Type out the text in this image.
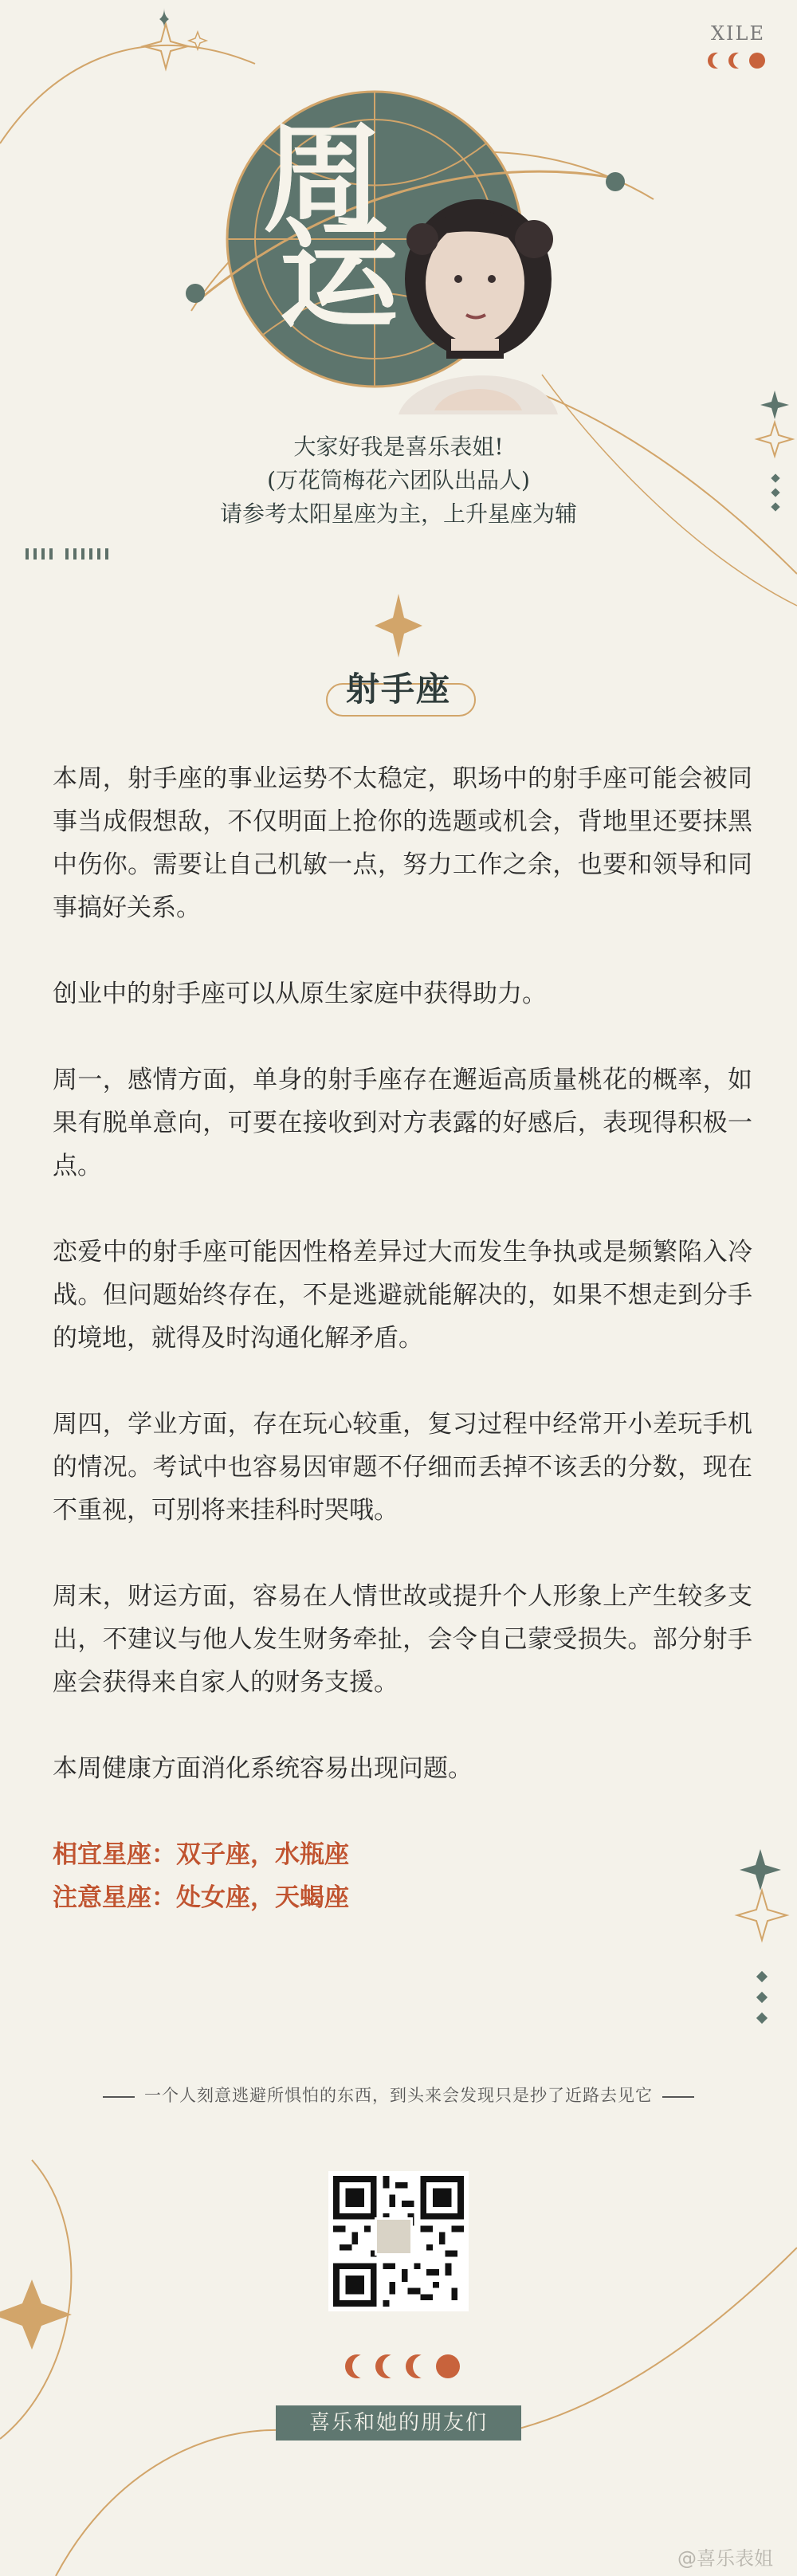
XILE
周
运
大家好我是喜乐表姐!
(万花筒梅花六团队出品人)
请参考太阳星座为主，上升星座为辅
射手座

本周，射手座的事业运势不太稳定，职场中的射手座可能会被同事当成假想敌，不仅明面上抢你的选题或机会，背地里还要抹黑中伤你。需要让自己机敏一点，努力工作之余，也要和领导和同事搞好关系。

创业中的射手座可以从原生家庭中获得助力。

周一，感情方面，单身的射手座存在邂逅高质量桃花的概率，如果有脱单意向，可要在接收到对方表露的好感后，表现得积极一点。

恋爱中的射手座可能因性格差异过大而发生争执或是频繁陷入冷战。但问题始终存在，不是逃避就能解决的，如果不想走到分手的境地，就得及时沟通化解矛盾。

周四，学业方面，存在玩心较重，复习过程中经常开小差玩手机的情况。考试中也容易因审题不仔细而丢掉不该丢的分数，现在不重视，可别将来挂科时哭哦。

周末，财运方面，容易在人情世故或提升个人形象上产生较多支出，不建议与他人发生财务牵扯，会令自己蒙受损失。部分射手座会获得来自家人的财务支援。

本周健康方面消化系统容易出现问题。

相宜星座：双子座，水瓶座

注意星座：处女座，天蝎座

一个人刻意逃避所惧怕的东西，到头来会发现只是抄了近路去见它
喜乐和她的朋友们
@喜乐表姐
